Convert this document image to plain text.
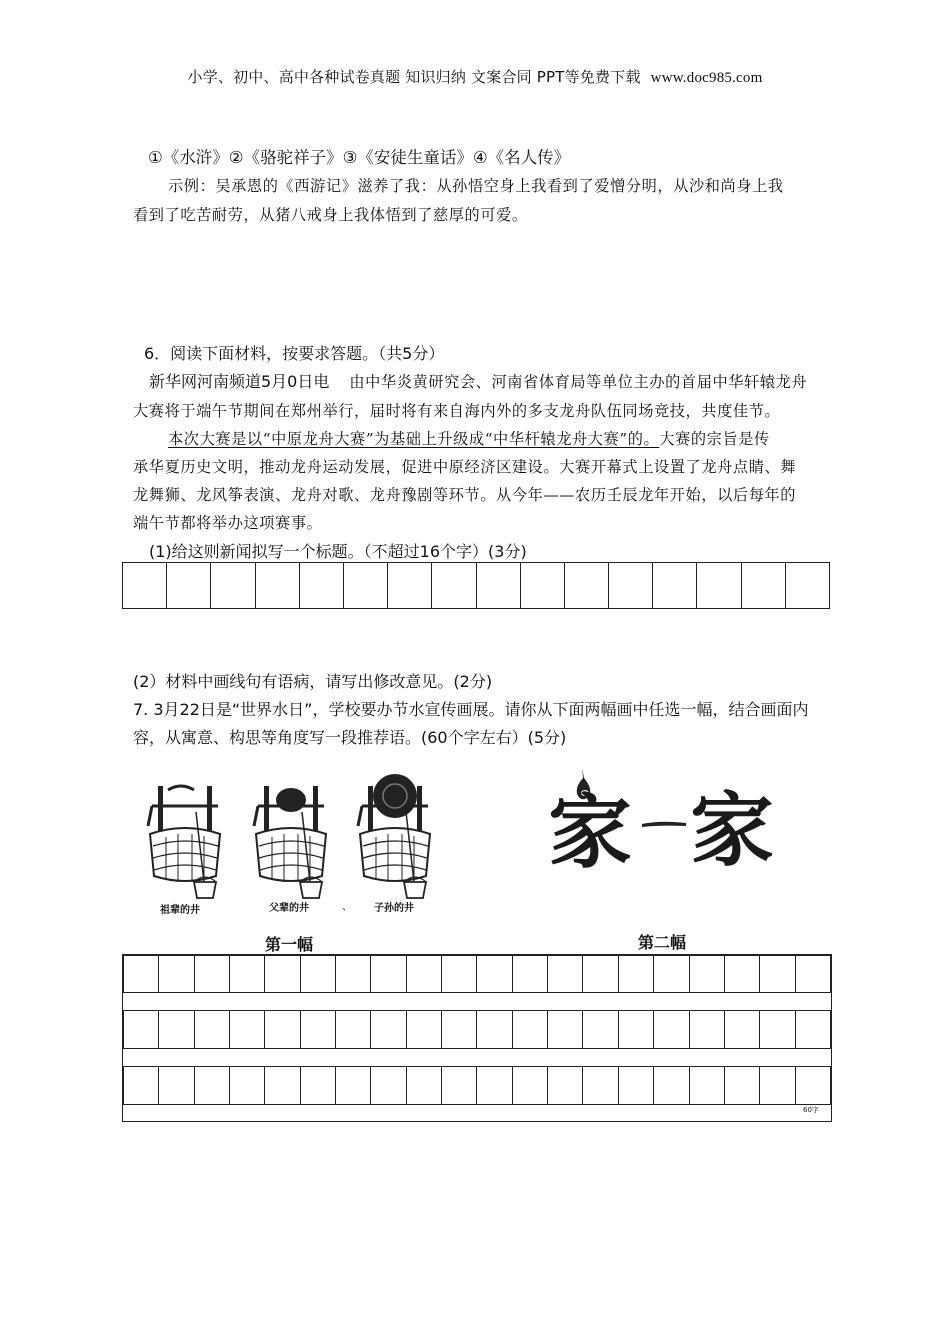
小学、初中、高中各种试卷真题 知识归纳 文案合同 PPT等免费下载 www.doc985.com
①《水浒》②《骆驼祥子》③《安徒生童话》④《名人传》
示例：吴承恩的《西游记》滋养了我：从孙悟空身上我看到了爱憎分明，从沙和尚身上我
看到了吃苦耐劳，从猪八戒身上我体悟到了慈厚的可爱。
6．阅读下面材料，按要求答题。（共5分）
新华网河南频道5月0日电 由中华炎黄研究会、河南省体育局等单位主办的首届中华轩辕龙舟
大赛将于端午节期间在郑州举行，届时将有来自海内外的多支龙舟队伍同场竞技，共度佳节。
本次大赛是以“中原龙舟大赛”为基础上升级成“中华杆辕龙舟大赛”的。大赛的宗旨是传
承华夏历史文明，推动龙舟运动发展，促进中原经济区建设。大赛开幕式上设置了龙舟点睛、舞
龙舞狮、龙风筝表演、龙舟对歌、龙舟豫剧等环节。从今年——农历壬辰龙年开始，以后每年的
端午节都将举办这项赛事。
(1)给这则新闻拟写一个标题。（不超过16个字）(3分)

(2）材料中画线句有语病，请写出修改意见。(2分)
7. 3月22日是“世界水日”，学校要办节水宣传画展。请你从下面两幅画中任选一幅，结合画面内
容，从寓意、构思等角度写一段推荐语。(60个字左右）(5分)
祖辈的井	父辈的井	、 子孙的井
第一幅
家 家
第二幅

60字
